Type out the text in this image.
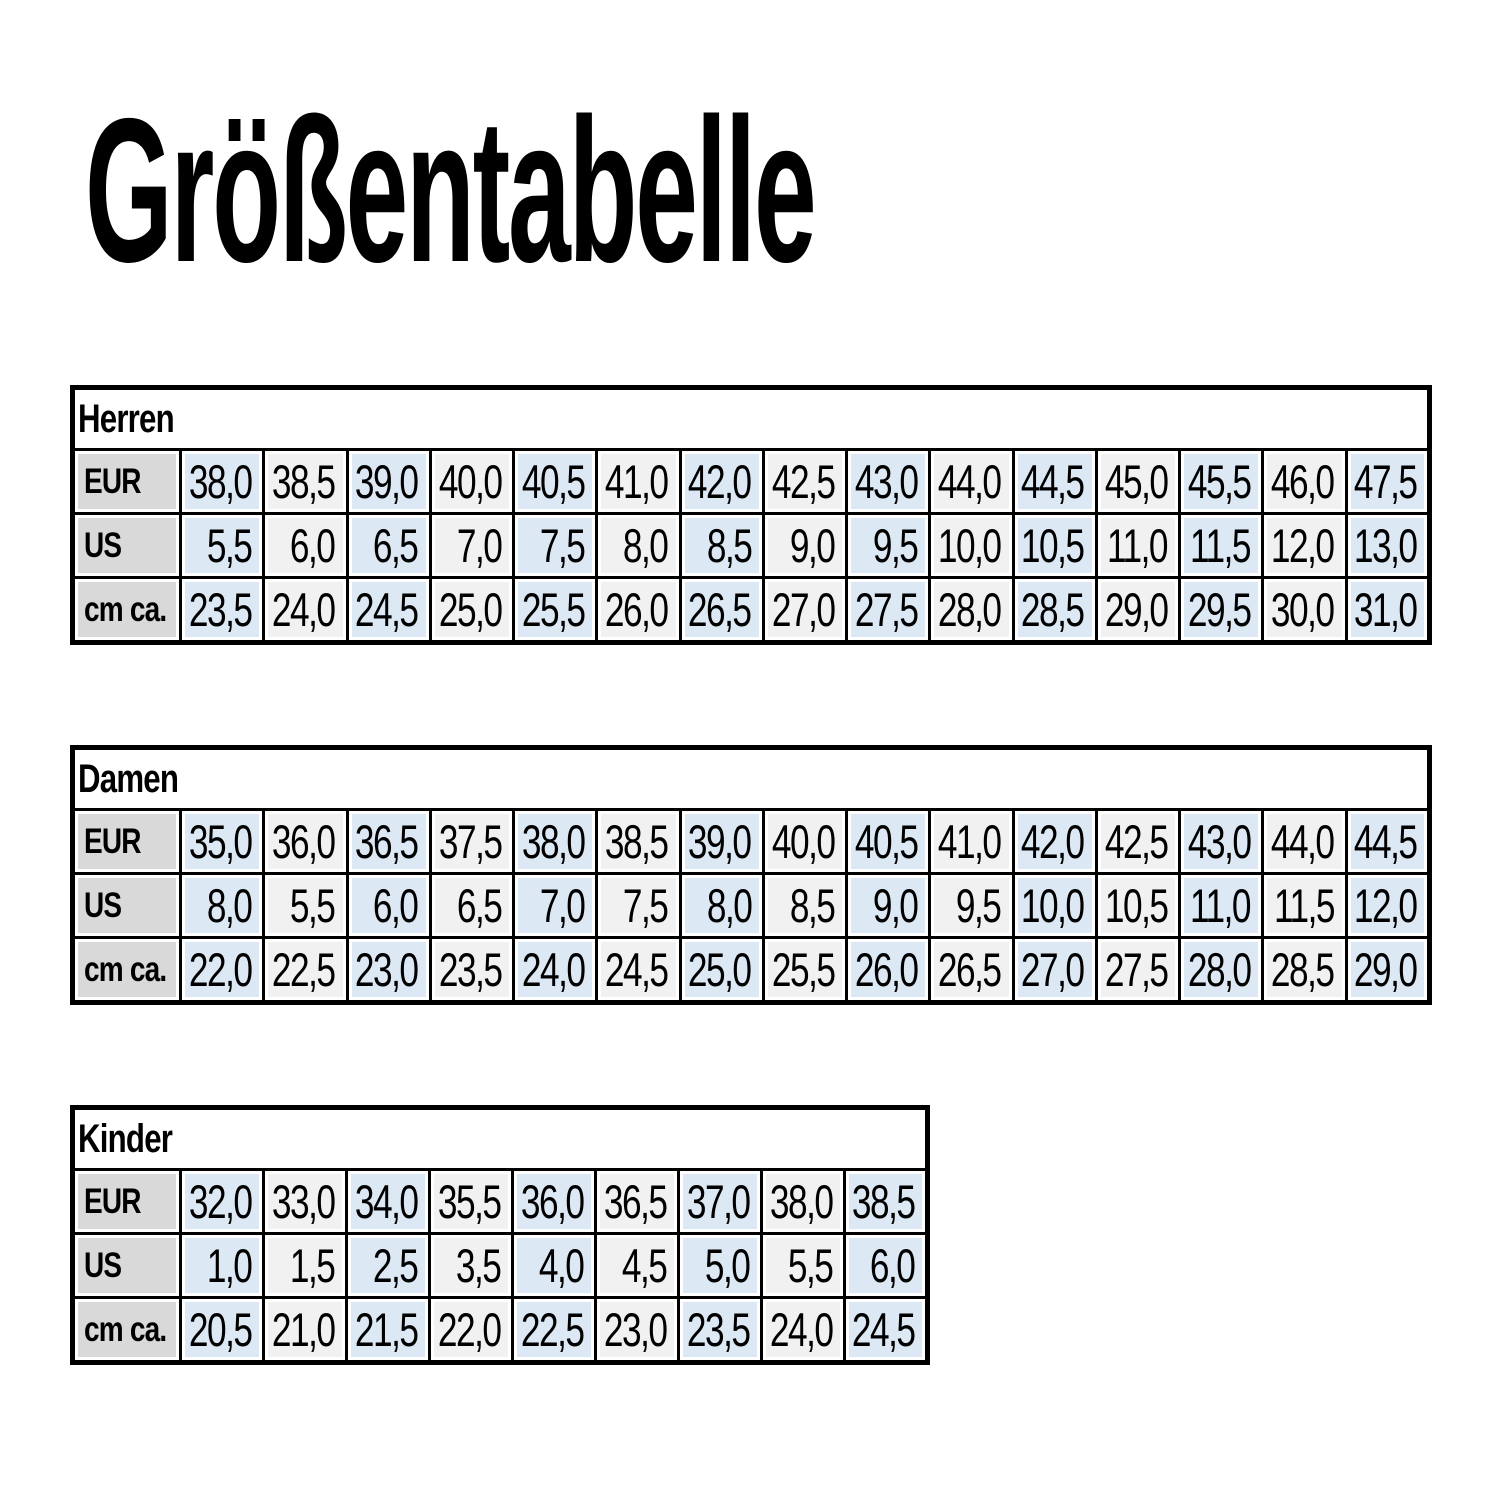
Größentabelle
Herren															

EUR	38,0	38,5	39,0	40,0	40,5	41,0	42,0	42,5	43,0	44,0	44,5	45,0	45,5	46,0	47,5

US	5,5	6,0	6,5	7,0	7,5	8,0	8,5	9,0	9,5	10,0	10,5	11,0	11,5	12,0	13,0

cm ca.	23,5	24,0	24,5	25,0	25,5	26,0	26,5	27,0	27,5	28,0	28,5	29,0	29,5	30,0	31,0
Damen															

EUR	35,0	36,0	36,5	37,5	38,0	38,5	39,0	40,0	40,5	41,0	42,0	42,5	43,0	44,0	44,5

US	8,0	5,5	6,0	6,5	7,0	7,5	8,0	8,5	9,0	9,5	10,0	10,5	11,0	11,5	12,0

cm ca.	22,0	22,5	23,0	23,5	24,0	24,5	25,0	25,5	26,0	26,5	27,0	27,5	28,0	28,5	29,0
Kinder									

EUR	32,0	33,0	34,0	35,5	36,0	36,5	37,0	38,0	38,5

US	1,0	1,5	2,5	3,5	4,0	4,5	5,0	5,5	6,0

cm ca.	20,5	21,0	21,5	22,0	22,5	23,0	23,5	24,0	24,5
